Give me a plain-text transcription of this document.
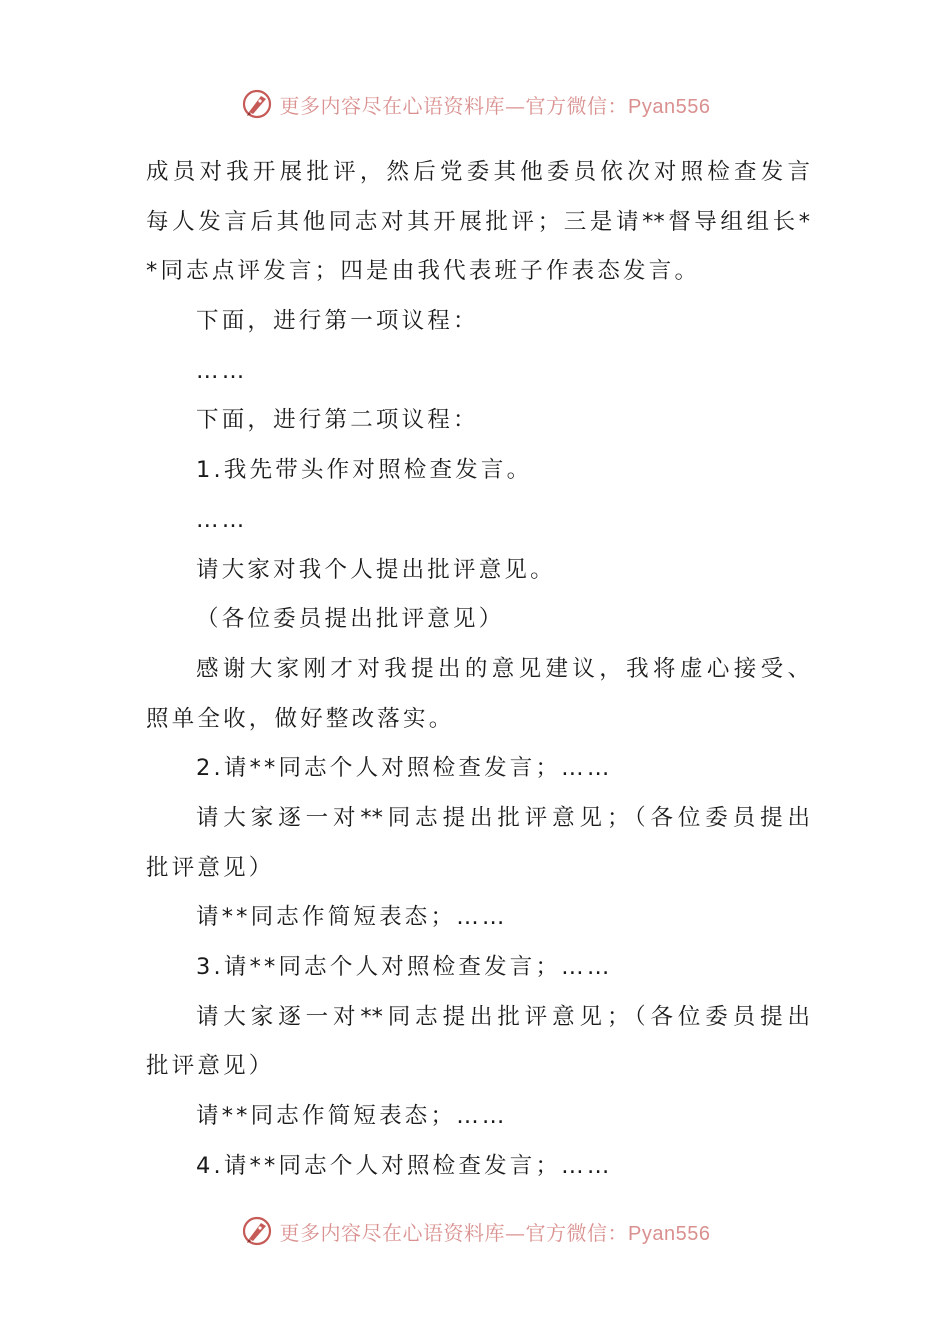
更多内容尽在心语资料库—官方微信：Pyan556
成员对我开展批评，然后党委其他委员依次对照检查发言
每人发言后其他同志对其开展批评；三是请**督导组组长*
*同志点评发言；四是由我代表班子作表态发言。
下面，进行第一项议程：
……
下面，进行第二项议程：
1.我先带头作对照检查发言。
……
请大家对我个人提出批评意见。
（各位委员提出批评意见）
感谢大家刚才对我提出的意见建议，我将虚心接受、
照单全收，做好整改落实。
2.请**同志个人对照检查发言；……
请大家逐一对**同志提出批评意见；（各位委员提出
批评意见）
请**同志作简短表态；……
3.请**同志个人对照检查发言；……
请大家逐一对**同志提出批评意见；（各位委员提出
批评意见）
请**同志作简短表态；……
4.请**同志个人对照检查发言；……
更多内容尽在心语资料库—官方微信：Pyan556
